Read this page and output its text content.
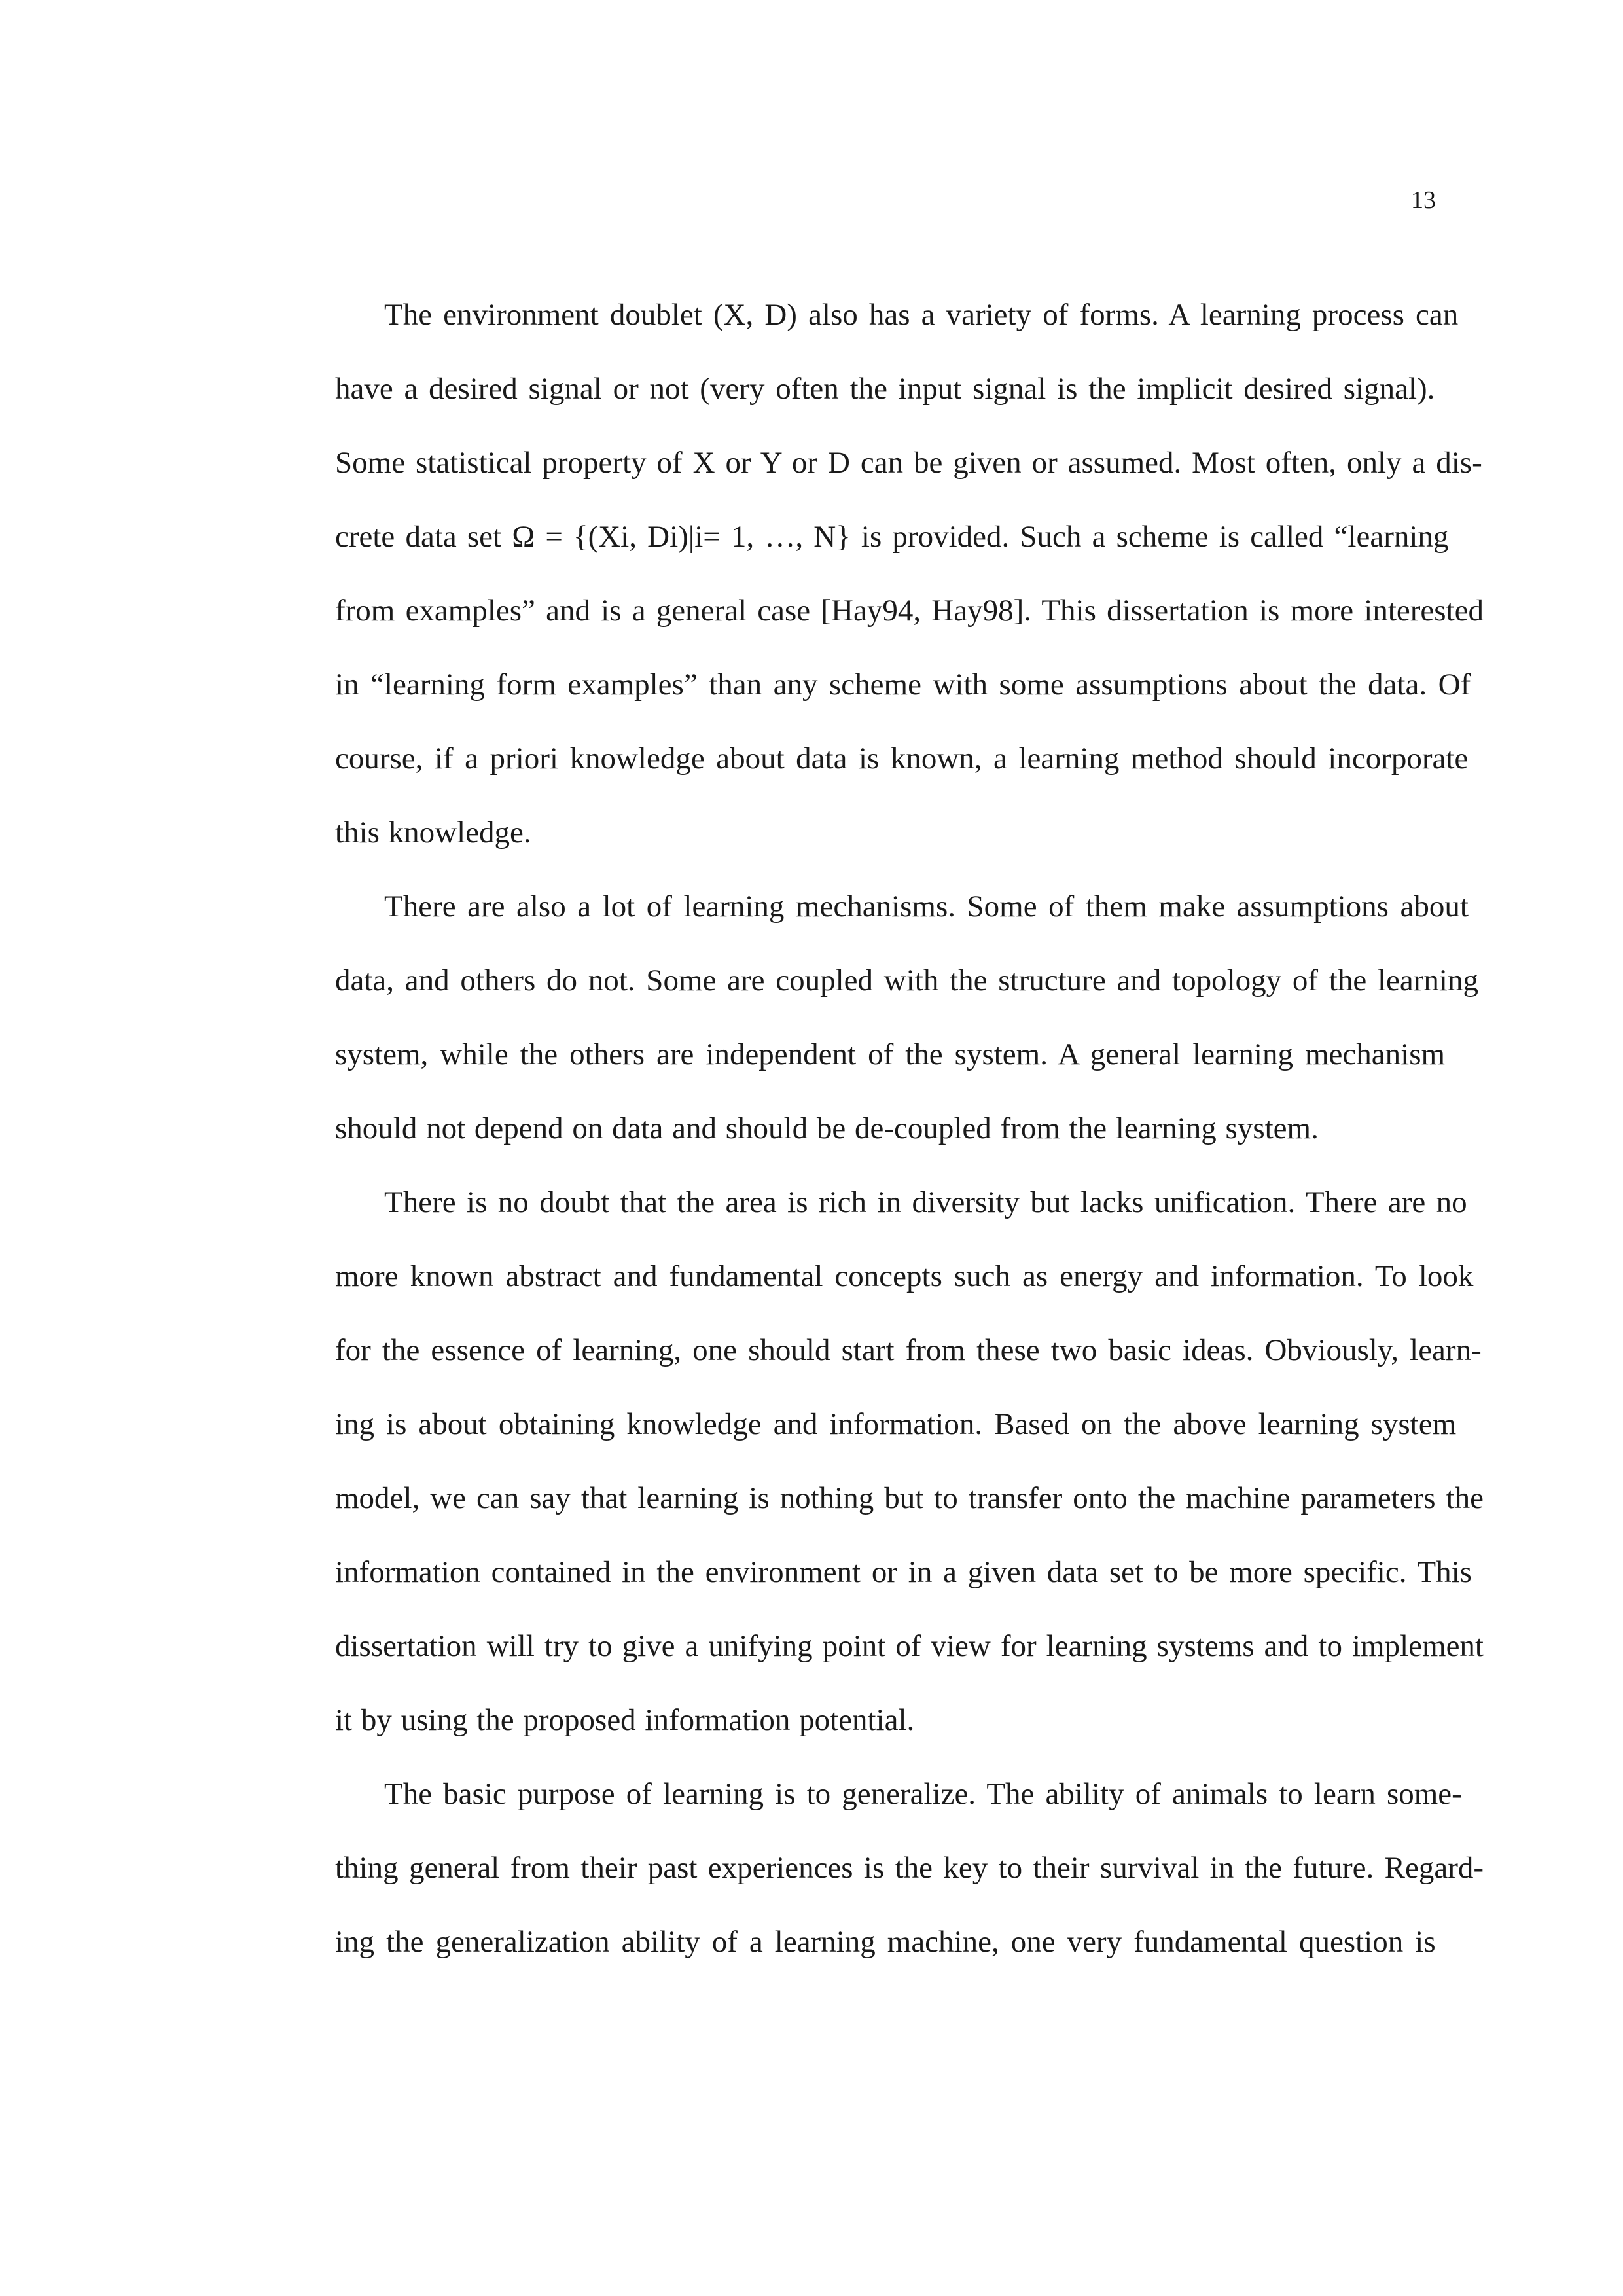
13
The environment doublet (X, D) also has a variety of forms. A learning process can
have a desired signal or not (very often the input signal is the implicit desired signal).
Some statistical property of X or Y or D can be given or assumed. Most often, only a dis-
crete data set Ω = {(Xi, Di)|i= 1, …, N} is provided. Such a scheme is called “learning
from examples” and is a general case [Hay94, Hay98]. This dissertation is more interested
in “learning form examples” than any scheme with some assumptions about the data. Of
course, if a priori knowledge about data is known, a learning method should incorporate
this knowledge.
There are also a lot of learning mechanisms. Some of them make assumptions about
data, and others do not. Some are coupled with the structure and topology of the learning
system, while the others are independent of the system. A general learning mechanism
should not depend on data and should be de-coupled from the learning system.
There is no doubt that the area is rich in diversity but lacks unification. There are no
more known abstract and fundamental concepts such as energy and information. To look
for the essence of learning, one should start from these two basic ideas. Obviously, learn-
ing is about obtaining knowledge and information. Based on the above learning system
model, we can say that learning is nothing but to transfer onto the machine parameters the
information contained in the environment or in a given data set to be more specific. This
dissertation will try to give a unifying point of view for learning systems and to implement
it by using the proposed information potential.
The basic purpose of learning is to generalize. The ability of animals to learn some-
thing general from their past experiences is the key to their survival in the future. Regard-
ing the generalization ability of a learning machine, one very fundamental question is
